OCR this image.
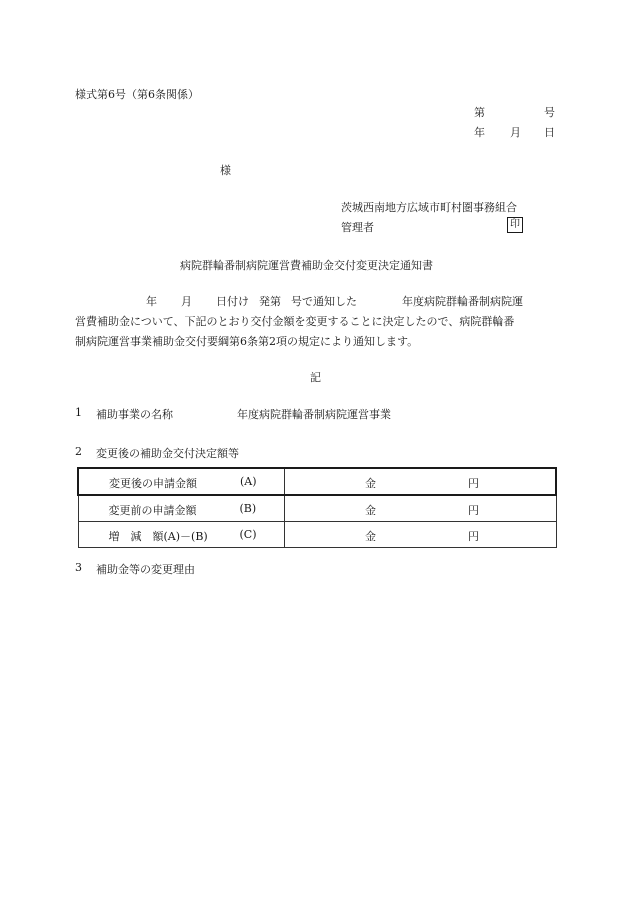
様式第6号（第6条関係）
第	号
年 月 日
様
茨城西南地方広域市町村圏事務組合
管理者	印
病院群輪番制病院運営費補助金交付変更決定通知書
年 月 日付け 発第 号で通知した	年度病院群輪番制病院運
営費補助金について、下記のとおり交付金額を変更することに決定したので、病院群輪番
制病院運営事業補助金交付要綱第6条第2項の規定により通知します。
記
1 補助事業の名称	年度病院群輪番制病院運営事業
2 変更後の補助金交付決定額等
変更後の申請金額 (A)	金 円

変更前の申請金額 (B)	金 円

増　減　額(A)－(B) (C)	金 円
3 補助金等の変更理由
